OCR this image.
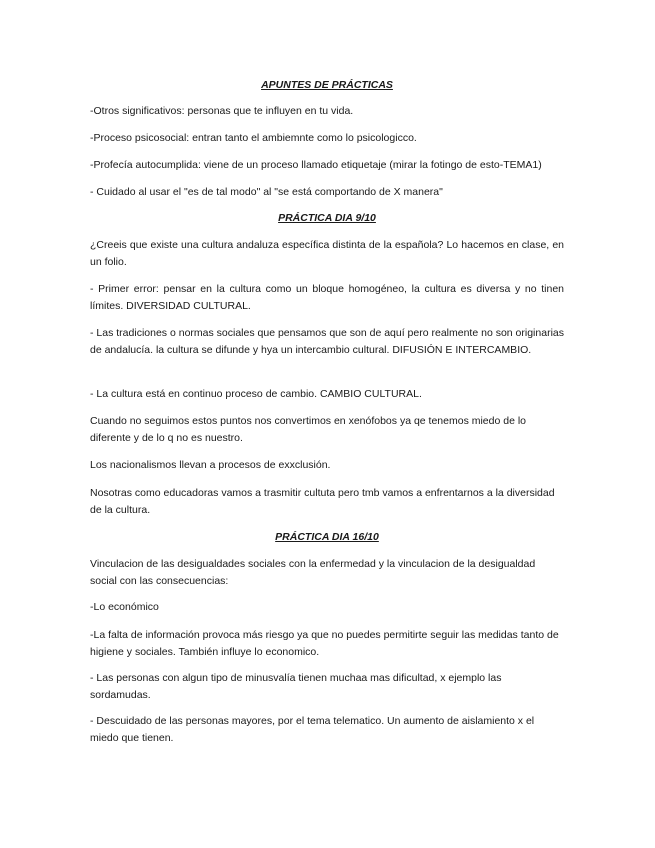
APUNTES DE PRÁCTICAS

-Otros significativos: personas que te influyen en tu vida.

-Proceso psicosocial: entran tanto el ambiemnte como lo psicologicco.

-Profecía autocumplida: viene de un proceso llamado etiquetaje (mirar la fotingo de esto-TEMA1)

- Cuidado al usar el "es de tal modo" al "se está comportando de X manera"

PRÁCTICA DIA 9/10

¿Creeis que existe una cultura andaluza específica distinta de la española? Lo hacemos en clase, en un folio.

- Primer error: pensar en la cultura como un bloque homogéneo, la cultura es diversa y no tinen límites. DIVERSIDAD CULTURAL.

- Las tradiciones o normas sociales que pensamos que son de aquí pero realmente no son originarias de andalucía. la cultura se difunde y hya un intercambio cultural. DIFUSIÓN E INTERCAMBIO.

- La cultura está en continuo proceso de cambio. CAMBIO CULTURAL.

Cuando no seguimos estos puntos nos convertimos en xenófobos ya qe tenemos miedo de lo diferente y de lo q no es nuestro.

Los nacionalismos llevan a procesos de exxclusión.

Nosotras como educadoras vamos a trasmitir cultuta pero tmb vamos a enfrentarnos a la diversidad de la cultura.

PRÁCTICA DIA 16/10

Vinculacion de las desigualdades sociales con la enfermedad y la vinculacion de la desigualdad social con las consecuencias:

-Lo económico

-La falta de información provoca más riesgo ya que no puedes permitirte seguir las medidas tanto de higiene y sociales. También influye lo economico.

- Las personas con algun tipo de minusvalía tienen muchaa mas dificultad, x ejemplo las sordamudas.

- Descuidado de las personas mayores, por el tema telematico. Un aumento de aislamiento x el miedo que tienen.
